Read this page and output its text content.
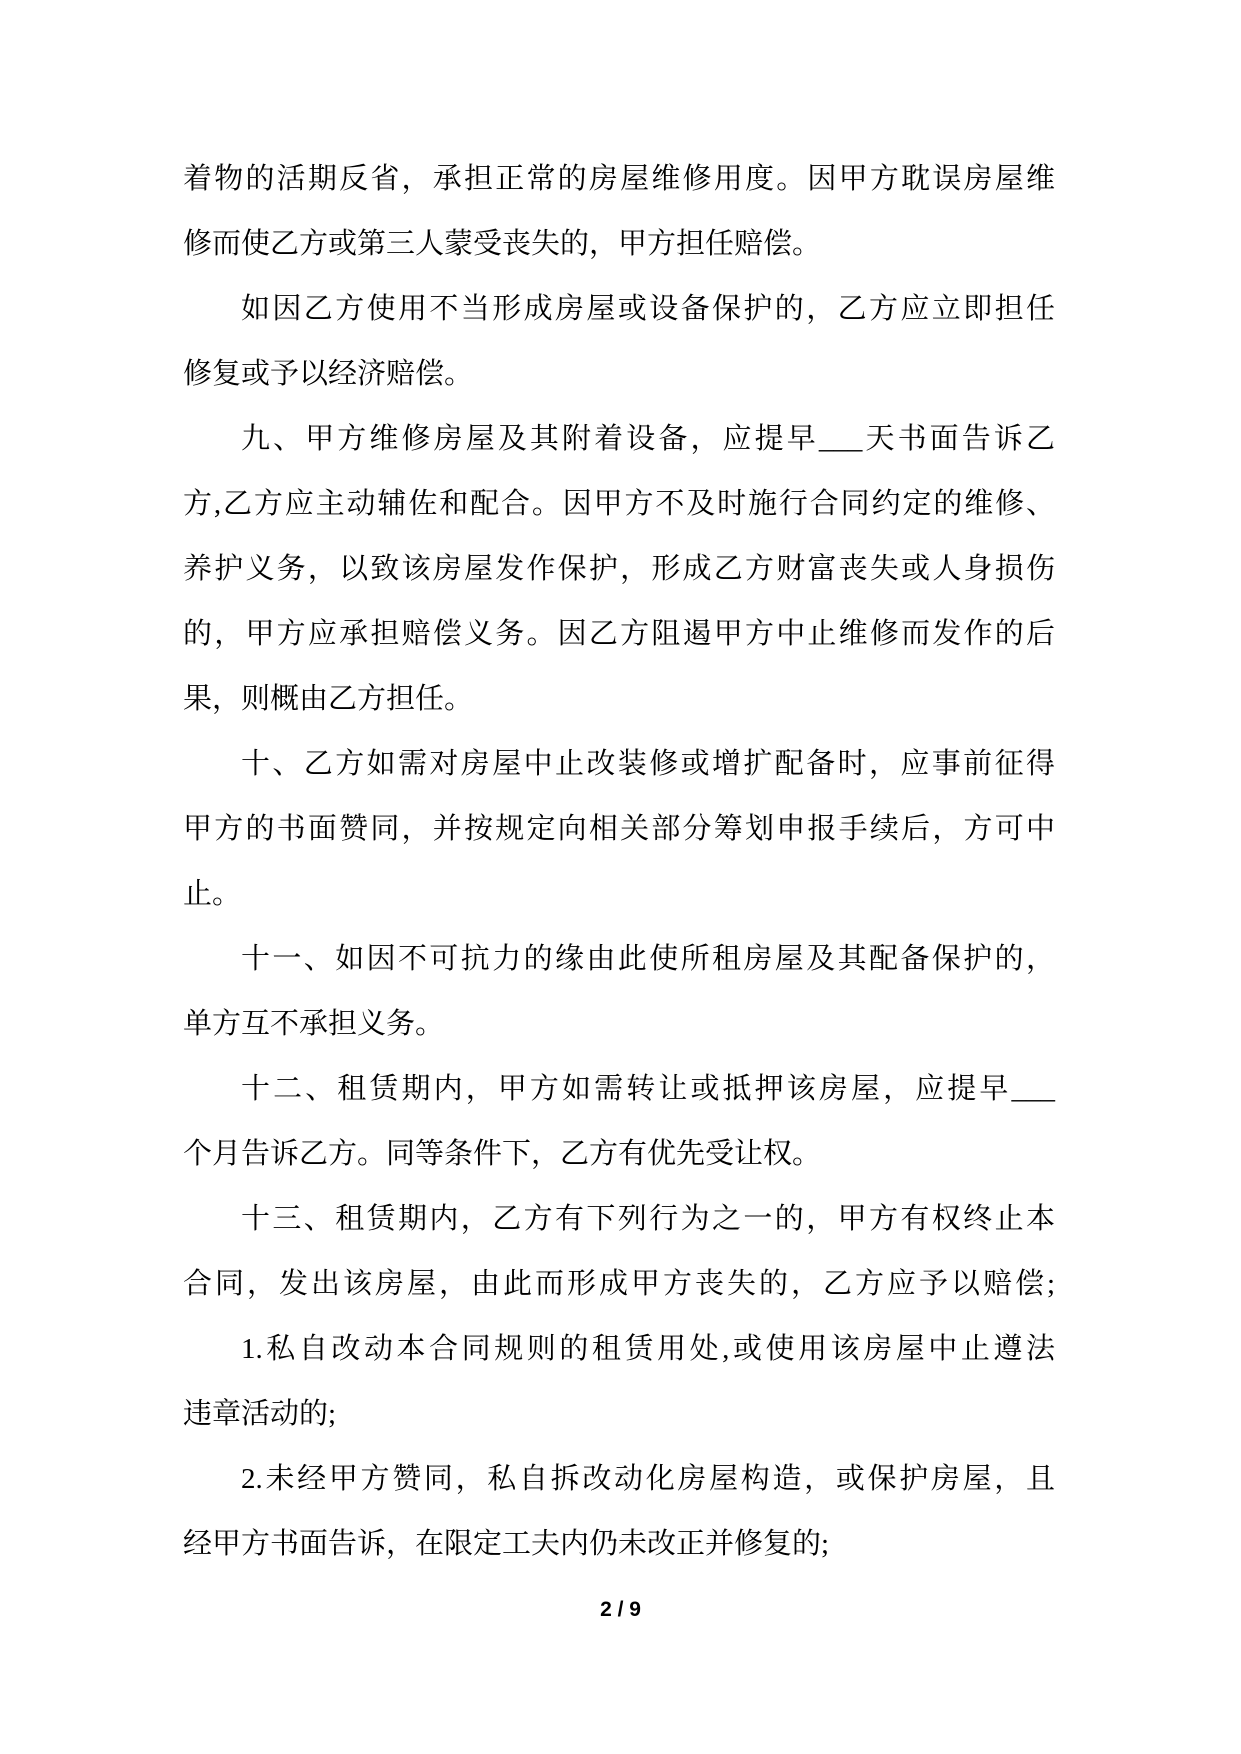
着物的活期反省，承担正常的房屋维修用度。因甲方耽误房屋维
修而使乙方或第三人蒙受丧失的，甲方担任赔偿。
如因乙方使用不当形成房屋或设备保护的，乙方应立即担任
修复或予以经济赔偿。
九、甲方维修房屋及其附着设备，应提早___天书面告诉乙
方,乙方应主动辅佐和配合。因甲方不及时施行合同约定的维修、
养护义务，以致该房屋发作保护，形成乙方财富丧失或人身损伤
的，甲方应承担赔偿义务。因乙方阻遏甲方中止维修而发作的后
果，则概由乙方担任。
十、乙方如需对房屋中止改装修或增扩配备时，应事前征得
甲方的书面赞同，并按规定向相关部分筹划申报手续后，方可中
止。
十一、如因不可抗力的缘由此使所租房屋及其配备保护的，
单方互不承担义务。
十二、租赁期内，甲方如需转让或抵押该房屋，应提早___
个月告诉乙方。同等条件下，乙方有优先受让权。
十三、租赁期内，乙方有下列行为之一的，甲方有权终止本
合同，发出该房屋，由此而形成甲方丧失的，乙方应予以赔偿;
1.私自改动本合同规则的租赁用处,或使用该房屋中止遵法
违章活动的;
2.未经甲方赞同，私自拆改动化房屋构造，或保护房屋，且
经甲方书面告诉，在限定工夫内仍未改正并修复的;
2 / 9
